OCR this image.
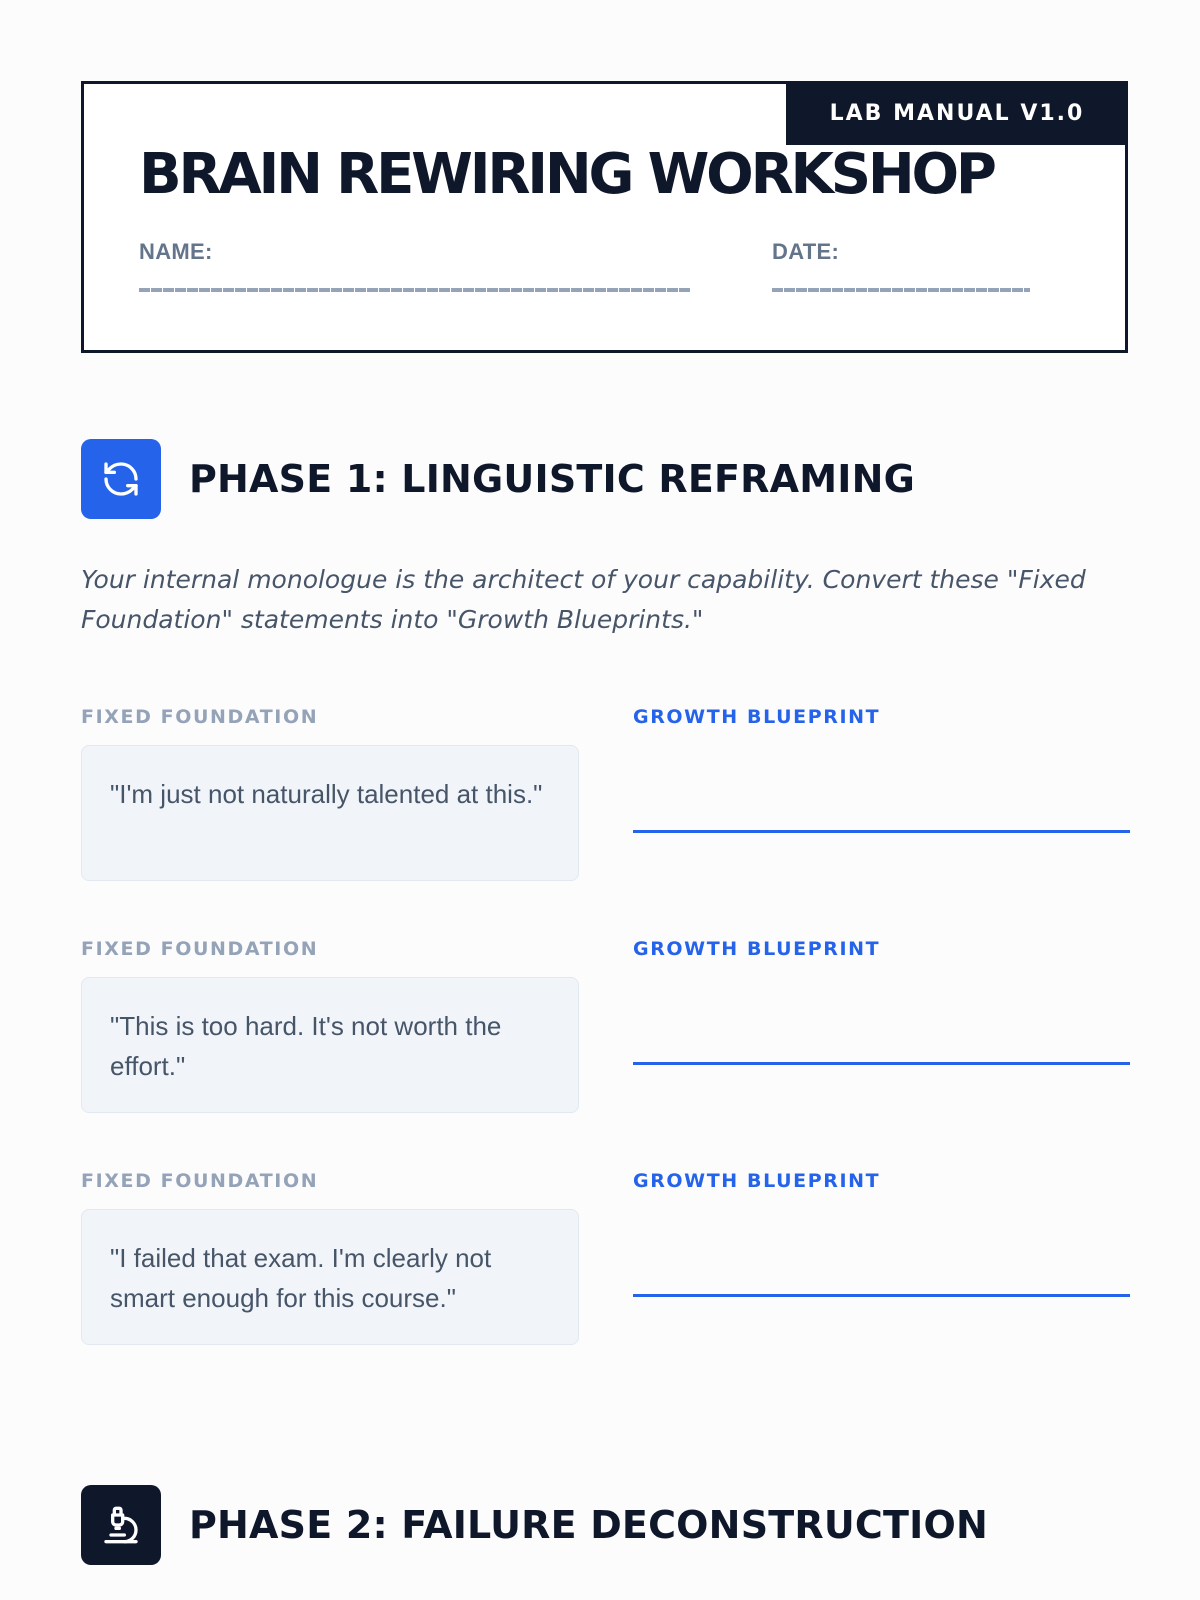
LAB MANUAL V1.0
BRAIN REWIRING WORKSHOP
NAME:	DATE:
PHASE 1: LINGUISTIC REFRAMING

Your internal monologue is the architect of your capability. Convert these "Fixed Foundation" statements into "Growth Blueprints."

FIXED FOUNDATION	GROWTH BLUEPRINT
"I'm just not naturally talented at this."
FIXED FOUNDATION	GROWTH BLUEPRINT
"This is too hard. It's not worth the effort."
FIXED FOUNDATION	GROWTH BLUEPRINT
"I failed that exam. I'm clearly not smart enough for this course."
PHASE 2: FAILURE DECONSTRUCTION
